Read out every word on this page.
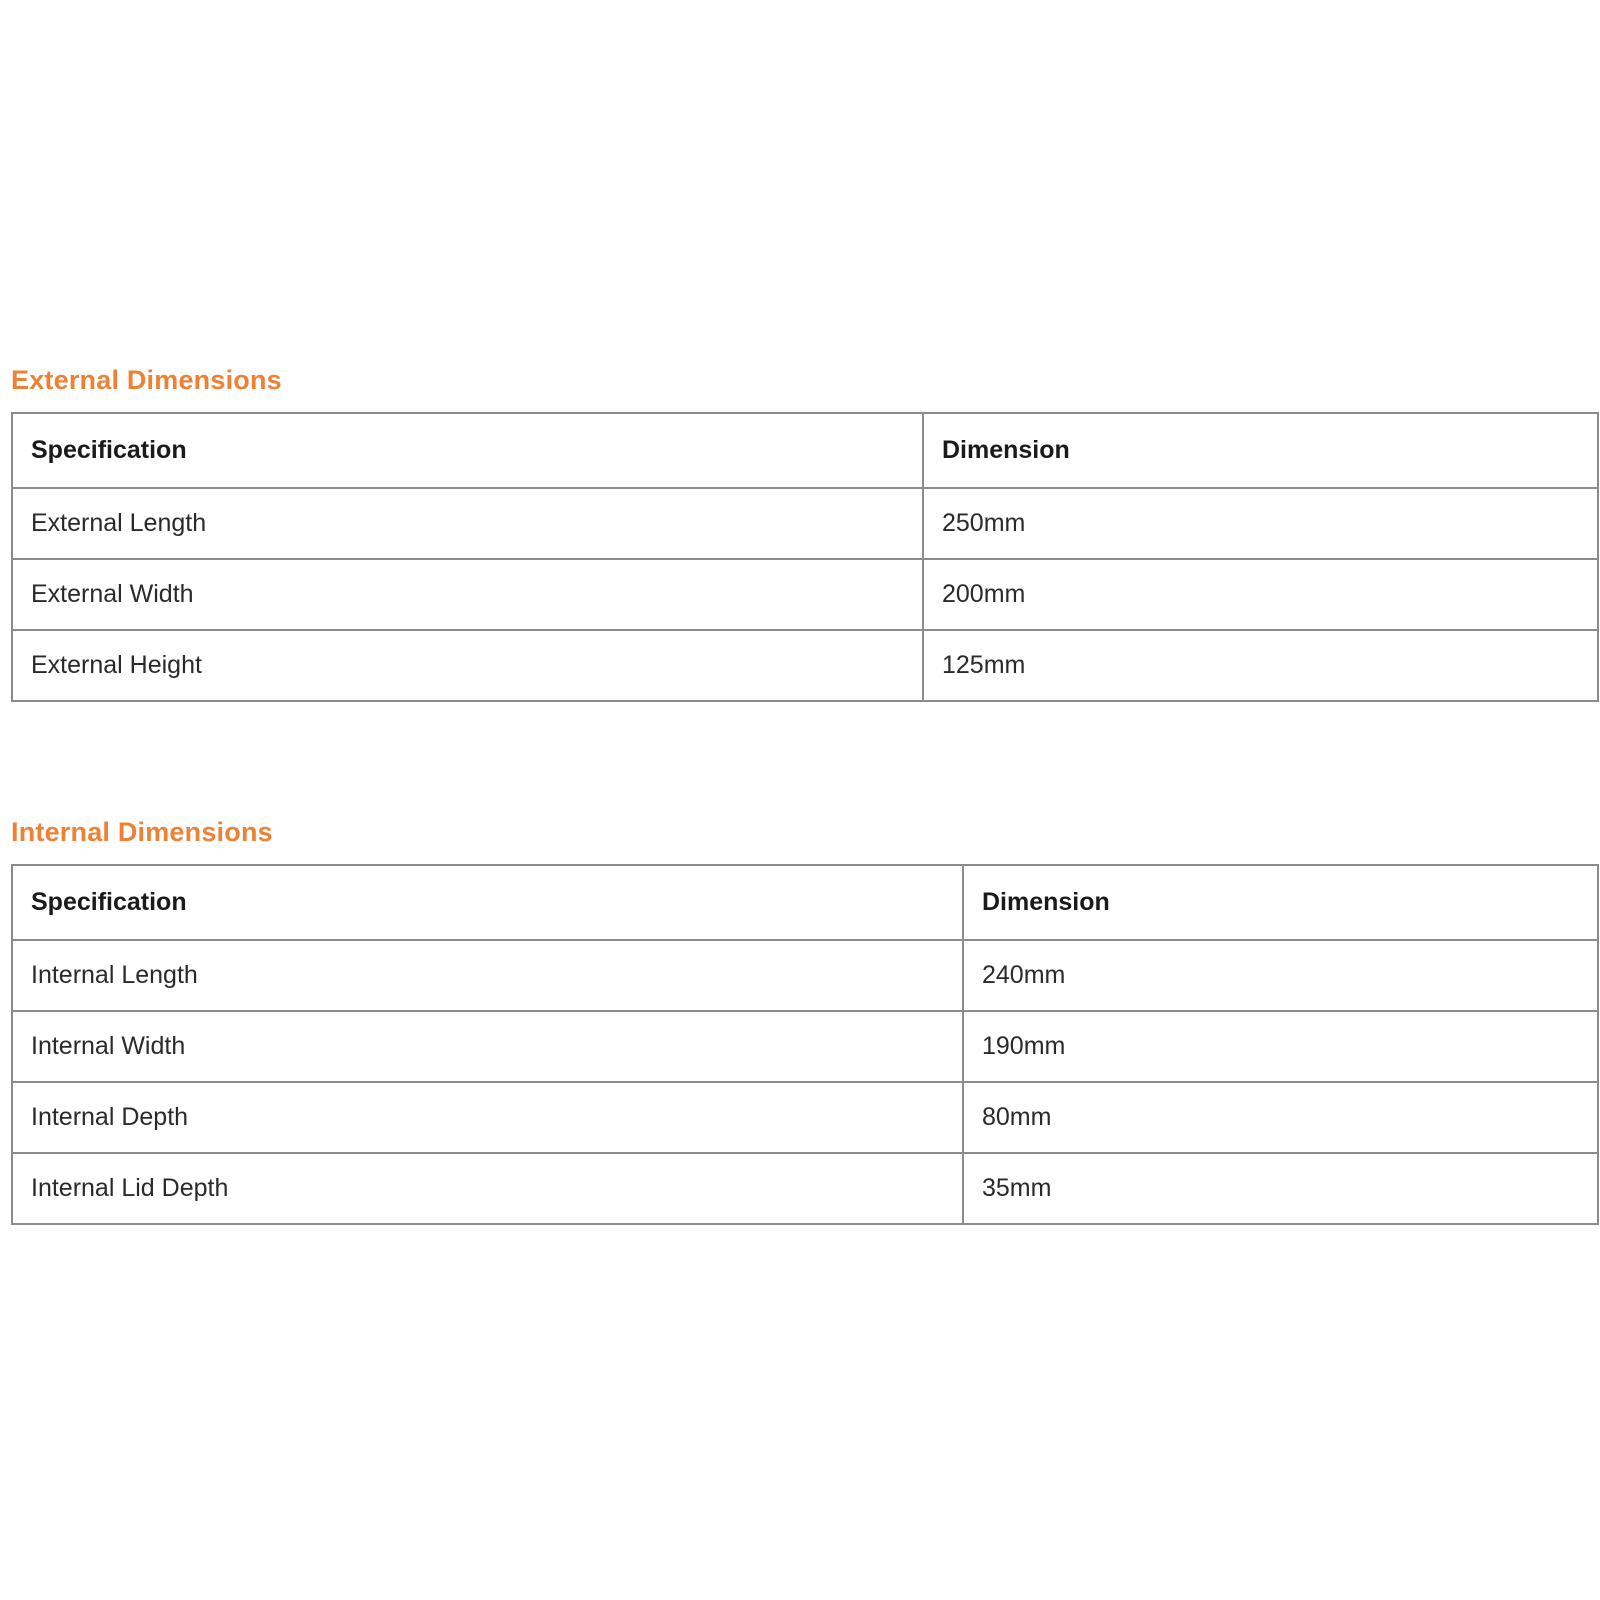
External Dimensions
Specification	Dimension
External Length	250mm
External Width	200mm
External Height	125mm
Internal Dimensions
Specification	Dimension
Internal Length	240mm
Internal Width	190mm
Internal Depth	80mm
Internal Lid Depth	35mm
